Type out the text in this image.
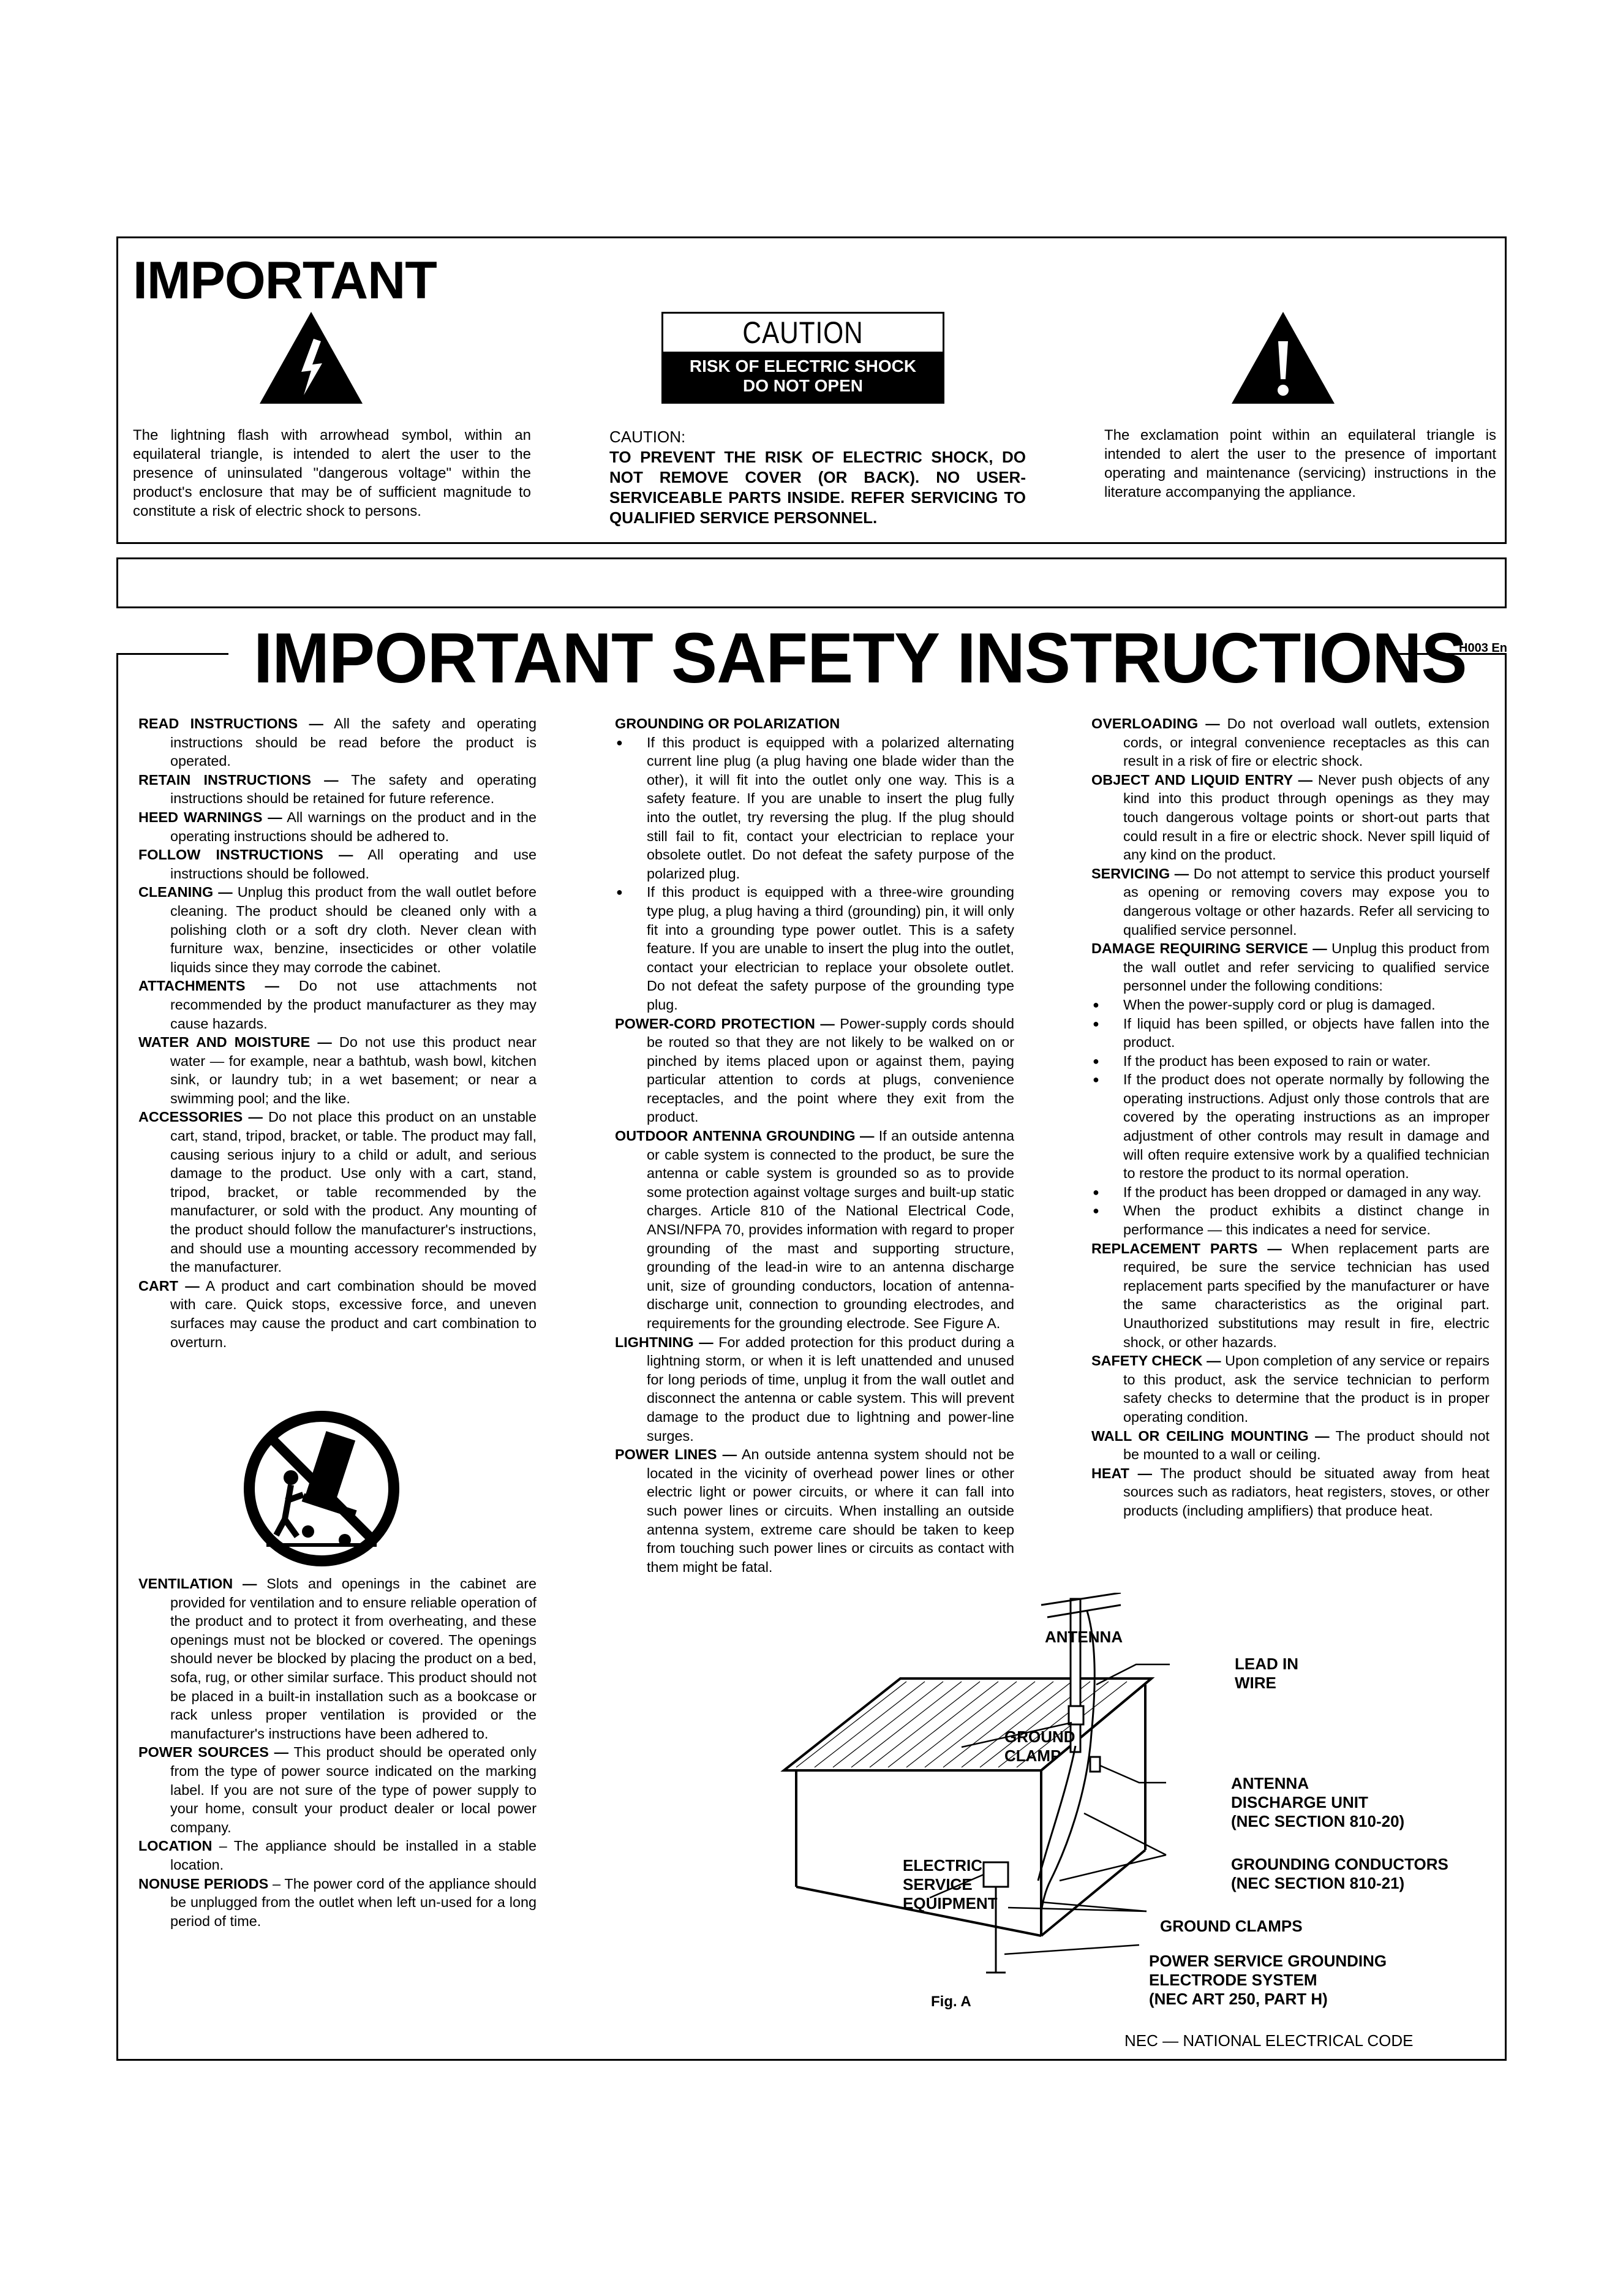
IMPORTANT
CAUTION
RISK OF ELECTRIC SHOCK
DO NOT OPEN
The lightning flash with arrowhead symbol, within an equilateral triangle, is intended to alert the user to the presence of uninsulated "dangerous voltage" within the product's enclosure that may be of sufficient magnitude to constitute a risk of electric shock to persons.
CAUTION:
TO PREVENT THE RISK OF ELECTRIC SHOCK, DO NOT REMOVE COVER (OR BACK). NO USER-SERVICEABLE PARTS INSIDE. REFER SERVICING TO QUALIFIED SERVICE PERSONNEL.
The exclamation point within an equilateral triangle is intended to alert the user to the presence of important operating and maintenance (servicing) instructions in the literature accompanying the appliance.
IMPORTANT SAFETY INSTRUCTIONS
H003 En

READ INSTRUCTIONS — All the safety and operating instructions should be read before the product is operated.

RETAIN INSTRUCTIONS — The safety and operating instructions should be retained for future reference.

HEED WARNINGS — All warnings on the product and in the operating instructions should be adhered to.

FOLLOW INSTRUCTIONS — All operating and use instructions should be followed.

CLEANING — Unplug this product from the wall outlet before cleaning. The product should be cleaned only with a polishing cloth or a soft dry cloth. Never clean with furniture wax, benzine, insecticides or other volatile liquids since they may corrode the cabinet.

ATTACHMENTS — Do not use attachments not recommended by the product manufacturer as they may cause hazards.

WATER AND MOISTURE — Do not use this product near water — for example, near a bathtub, wash bowl, kitchen sink, or laundry tub; in a wet basement; or near a swimming pool; and the like.

ACCESSORIES — Do not place this product on an unstable cart, stand, tripod, bracket, or table. The product may fall, causing serious injury to a child or adult, and serious damage to the product. Use only with a cart, stand, tripod, bracket, or table recommended by the manufacturer, or sold with the product. Any mounting of the product should follow the manufacturer's instructions, and should use a mounting accessory recommended by the manufacturer.

CART — A product and cart combination should be moved with care. Quick stops, excessive force, and uneven surfaces may cause the product and cart combination to overturn.

VENTILATION — Slots and openings in the cabinet are provided for ventilation and to ensure reliable operation of the product and to protect it from overheating, and these openings must not be blocked or covered. The openings should never be blocked by placing the product on a bed, sofa, rug, or other similar surface. This product should not be placed in a built-in installation such as a bookcase or rack unless proper ventilation is provided or the manufacturer's instructions have been adhered to.

POWER SOURCES — This product should be operated only from the type of power source indicated on the marking label. If you are not sure of the type of power supply to your home, consult your product dealer or local power company.

LOCATION – The appliance should be installed in a stable location.

NONUSE PERIODS – The power cord of the appliance should be unplugged from the outlet when left un-used for a long period of time.

GROUNDING OR POLARIZATION

● If this product is equipped with a polarized alternating current line plug (a plug having one blade wider than the other), it will fit into the outlet only one way. This is a safety feature. If you are unable to insert the plug fully into the outlet, try reversing the plug. If the plug should still fail to fit, contact your electrician to replace your obsolete outlet. Do not defeat the safety purpose of the polarized plug.

● If this product is equipped with a three-wire grounding type plug, a plug having a third (grounding) pin, it will only fit into a grounding type power outlet. This is a safety feature. If you are unable to insert the plug into the outlet, contact your electrician to replace your obsolete outlet. Do not defeat the safety purpose of the grounding type plug.

POWER-CORD PROTECTION — Power-supply cords should be routed so that they are not likely to be walked on or pinched by items placed upon or against them, paying particular attention to cords at plugs, convenience receptacles, and the point where they exit from the product.

OUTDOOR ANTENNA GROUNDING — If an outside antenna or cable system is connected to the product, be sure the antenna or cable system is grounded so as to provide some protection against voltage surges and built-up static charges. Article 810 of the National Electrical Code, ANSI/NFPA 70, provides information with regard to proper grounding of the mast and supporting structure, grounding of the lead-in wire to an antenna discharge unit, size of grounding conductors, location of antenna-discharge unit, connection to grounding electrodes, and requirements for the grounding electrode. See Figure A.

LIGHTNING — For added protection for this product during a lightning storm, or when it is left unattended and unused for long periods of time, unplug it from the wall outlet and disconnect the antenna or cable system. This will prevent damage to the product due to lightning and power-line surges.

POWER LINES — An outside antenna system should not be located in the vicinity of overhead power lines or other electric light or power circuits, or where it can fall into such power lines or circuits. When installing an outside antenna system, extreme care should be taken to keep from touching such power lines or circuits as contact with them might be fatal.

OVERLOADING — Do not overload wall outlets, extension cords, or integral convenience receptacles as this can result in a risk of fire or electric shock.

OBJECT AND LIQUID ENTRY — Never push objects of any kind into this product through openings as they may touch dangerous voltage points or short-out parts that could result in a fire or electric shock. Never spill liquid of any kind on the product.

SERVICING — Do not attempt to service this product yourself as opening or removing covers may expose you to dangerous voltage or other hazards. Refer all servicing to qualified service personnel.

DAMAGE REQUIRING SERVICE — Unplug this product from the wall outlet and refer servicing to qualified service personnel under the following conditions:

● When the power-supply cord or plug is damaged.

● If liquid has been spilled, or objects have fallen into the product.

● If the product has been exposed to rain or water.

● If the product does not operate normally by following the operating instructions. Adjust only those controls that are covered by the operating instructions as an improper adjustment of other controls may result in damage and will often require extensive work by a qualified technician to restore the product to its normal operation.

● If the product has been dropped or damaged in any way.

● When the product exhibits a distinct change in performance — this indicates a need for service.

REPLACEMENT PARTS — When replacement parts are required, be sure the service technician has used replacement parts specified by the manufacturer or have the same characteristics as the original part. Unauthorized substitutions may result in fire, electric shock, or other hazards.

SAFETY CHECK — Upon completion of any service or repairs to this product, ask the service technician to perform safety checks to determine that the product is in proper operating condition.

WALL OR CEILING MOUNTING — The product should not be mounted to a wall or ceiling.

HEAT — The product should be situated away from heat sources such as radiators, heat registers, stoves, or other products (including amplifiers) that produce heat.

ANTENNA
LEAD IN
WIRE
GROUND
CLAMP
ANTENNA
DISCHARGE UNIT
(NEC SECTION 810-20)
ELECTRIC
SERVICE
EQUIPMENT
GROUNDING CONDUCTORS
(NEC SECTION 810-21)
GROUND CLAMPS
POWER SERVICE GROUNDING
ELECTRODE SYSTEM
(NEC ART 250, PART H)
Fig. A
NEC — NATIONAL ELECTRICAL CODE
